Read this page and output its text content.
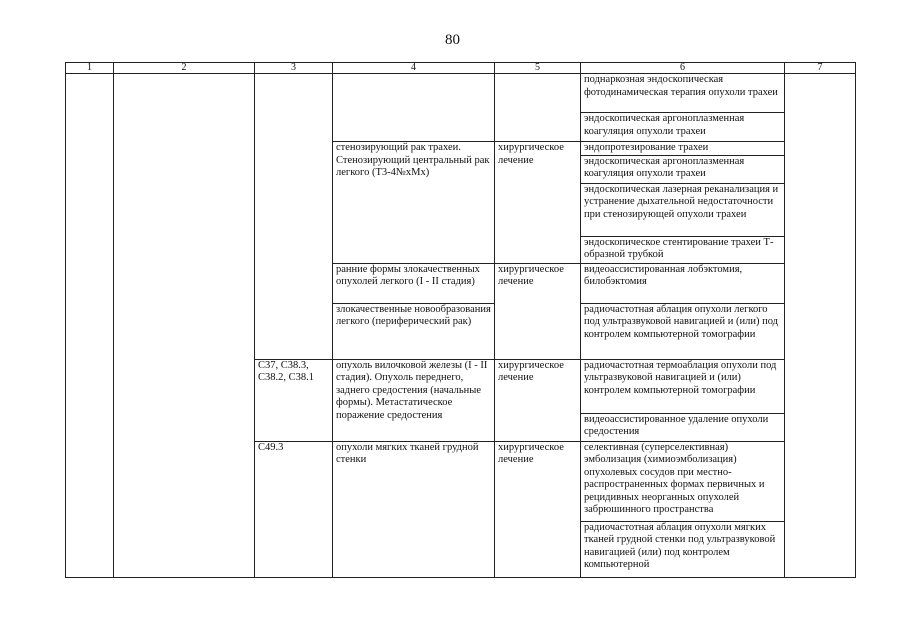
80
1	2	3	4	5	6	7
					поднаркозная эндоскопическая фотодинамическая терапия опухоли трахеи	
					эндоскопическая аргоноплазменная коагуляция опухоли трахеи	
			стенозирующий рак трахеи. Стенозирующий центральный рак легкого (Т3-4№хМх)	хирургическое лечение	эндопротезирование трахеи	
					эндоскопическая аргоноплазменная коагуляция опухоли трахеи	
					эндоскопическая лазерная реканализация и устранение дыхательной недостаточности при стенозирующей опухоли трахеи	
					эндоскопическое стентирование трахеи Т-образной трубкой	
			ранние формы злокачественных опухолей легкого (I - II стадия)	хирургическое лечение	видеоассистированная лобэктомия, билобэктомия	
			злокачественные новообразования легкого (периферический рак)		радиочастотная аблация опухоли легкого под ультразвуковой навигацией и (или) под контролем компьютерной томографии	
		С37, С38.3, С38.2, С38.1	опухоль вилочковой железы (I - II стадия). Опухоль переднего, заднего средостения (начальные формы). Метастатическое поражение средостения	хирургическое лечение	радиочастотная термоаблация опухоли под ультразвуковой навигацией и (или) контролем компьютерной томографии	
					видеоассистированное удаление опухоли средостения	
		С49.3	опухоли мягких тканей грудной стенки	хирургическое лечение	селективная (суперселективная) эмболизация (химиоэмболизация) опухолевых сосудов при местно-распространенных формах первичных и рецидивных неорганных опухолей забрюшинного пространства	
					радиочастотная аблация опухоли мягких тканей грудной стенки под ультразвуковой навигацией (или) под контролем компьютерной	
